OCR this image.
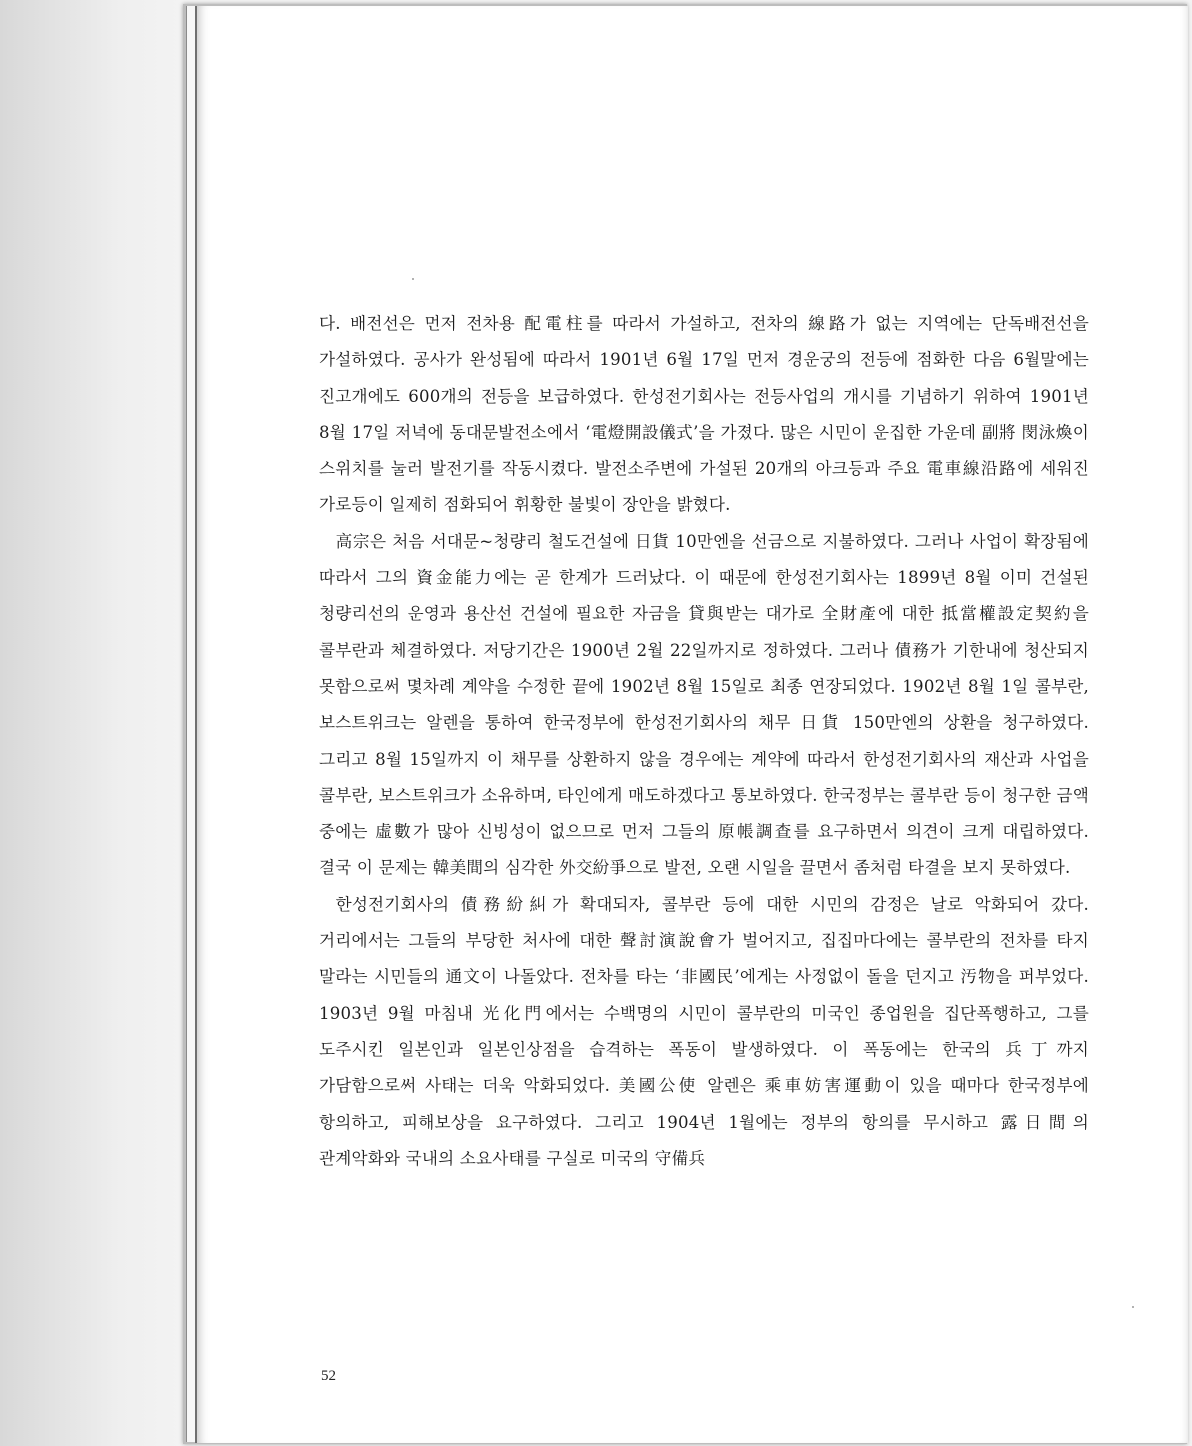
다. 배전선은 먼저 전차용 配電柱를 따라서 가설하고, 전차의 線路가 없는 지역에는 단독배전선을 가설하였다. 공사가 완성됨에 따라서 1901년 6월 17일 먼저 경운궁의 전등에 점화한 다음 6월말에는 진고개에도 600개의 전등을 보급하였다. 한성전기회사는 전등사업의 개시를 기념하기 위하여 1901년 8월 17일 저녁에 동대문발전소에서 ‘電燈開設儀式’을 가졌다. 많은 시민이 운집한 가운데 副將 閔泳煥이 스위치를 눌러 발전기를 작동시켰다. 발전소주변에 가설된 20개의 아크등과 주요 電車線沿路에 세워진 가로등이 일제히 점화되어 휘황한 불빛이 장안을 밝혔다.

高宗은 처음 서대문~청량리 철도건설에 日貨 10만엔을 선금으로 지불하였다. 그러나 사업이 확장됨에 따라서 그의 資金能力에는 곧 한계가 드러났다. 이 때문에 한성전기회사는 1899년 8월 이미 건설된 청량리선의 운영과 용산선 건설에 필요한 자금을 貸與받는 대가로 全財產에 대한 抵當權設定契約을 콜부란과 체결하였다. 저당기간은 1900년 2월 22일까지로 정하였다. 그러나 債務가 기한내에 청산되지 못함으로써 몇차례 계약을 수정한 끝에 1902년 8월 15일로 최종 연장되었다. 1902년 8월 1일 콜부란, 보스트위크는 알렌을 통하여 한국정부에 한성전기회사의 채무 日貨 150만엔의 상환을 청구하였다. 그리고 8월 15일까지 이 채무를 상환하지 않을 경우에는 계약에 따라서 한성전기회사의 재산과 사업을 콜부란, 보스트위크가 소유하며, 타인에게 매도하겠다고 통보하였다. 한국정부는 콜부란 등이 청구한 금액 중에는 虛數가 많아 신빙성이 없으므로 먼저 그들의 原帳調查를 요구하면서 의견이 크게 대립하였다. 결국 이 문제는 韓美間의 심각한 外交紛爭으로 발전, 오랜 시일을 끌면서 좀처럼 타결을 보지 못하였다.

한성전기회사의 債務紛糾가 확대되자, 콜부란 등에 대한 시민의 감정은 날로 악화되어 갔다. 거리에서는 그들의 부당한 처사에 대한 聲討演說會가 벌어지고, 집집마다에는 콜부란의 전차를 타지 말라는 시민들의 通文이 나돌았다. 전차를 타는 ‘非國民’에게는 사정없이 돌을 던지고 汚物을 퍼부었다. 1903년 9월 마침내 光化門에서는 수백명의 시민이 콜부란의 미국인 종업원을 집단폭행하고, 그를 도주시킨 일본인과 일본인상점을 습격하는 폭동이 발생하였다. 이 폭동에는 한국의 兵丁까지 가담함으로써 사태는 더욱 악화되었다. 美國公使 알렌은 乘車妨害運動이 있을 때마다 한국정부에 항의하고, 피해보상을 요구하였다. 그리고 1904년 1월에는 정부의 항의를 무시하고 露日間의 관계악화와 국내의 소요사태를 구실로 미국의 守備兵

52
